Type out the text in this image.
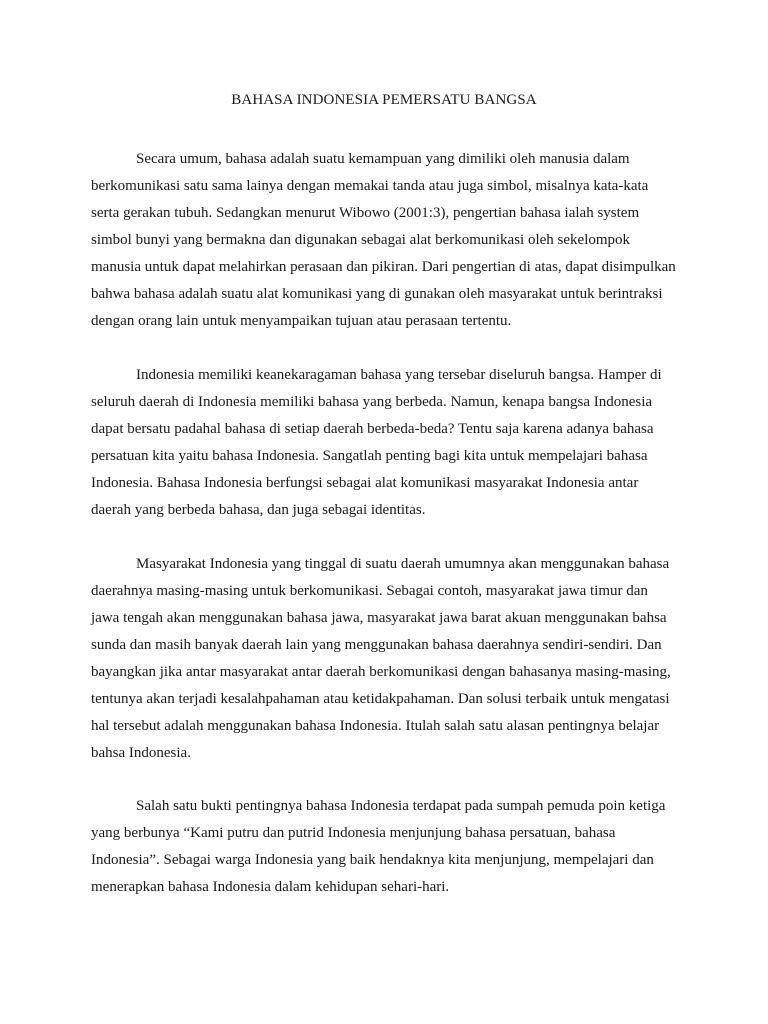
BAHASA INDONESIA PEMERSATU BANGSA
Secara umum, bahasa adalah suatu kemampuan yang dimiliki oleh manusia dalam
berkomunikasi satu sama lainya dengan memakai tanda atau juga simbol, misalnya kata-kata
serta gerakan tubuh. Sedangkan menurut Wibowo (2001:3), pengertian bahasa ialah system
simbol bunyi yang bermakna dan digunakan sebagai alat berkomunikasi oleh sekelompok
manusia untuk dapat melahirkan perasaan dan pikiran. Dari pengertian di atas, dapat disimpulkan
bahwa bahasa adalah suatu alat komunikasi yang di gunakan oleh masyarakat untuk berintraksi
dengan orang lain untuk menyampaikan tujuan atau perasaan tertentu.
Indonesia memiliki keanekaragaman bahasa yang tersebar diseluruh bangsa. Hamper di
seluruh daerah di Indonesia memiliki bahasa yang berbeda. Namun, kenapa bangsa Indonesia
dapat bersatu padahal bahasa di setiap daerah berbeda-beda? Tentu saja karena adanya bahasa
persatuan kita yaitu bahasa Indonesia. Sangatlah penting bagi kita untuk mempelajari bahasa
Indonesia. Bahasa Indonesia berfungsi sebagai alat komunikasi masyarakat Indonesia antar
daerah yang berbeda bahasa, dan juga sebagai identitas.
Masyarakat Indonesia yang tinggal di suatu daerah umumnya akan menggunakan bahasa
daerahnya masing-masing untuk berkomunikasi. Sebagai contoh, masyarakat jawa timur dan
jawa tengah akan menggunakan bahasa jawa, masyarakat jawa barat akuan menggunakan bahsa
sunda dan masih banyak daerah lain yang menggunakan bahasa daerahnya sendiri-sendiri. Dan
bayangkan jika antar masyarakat antar daerah berkomunikasi dengan bahasanya masing-masing,
tentunya akan terjadi kesalahpahaman atau ketidakpahaman. Dan solusi terbaik untuk mengatasi
hal tersebut adalah menggunakan bahasa Indonesia. Itulah salah satu alasan pentingnya belajar
bahsa Indonesia.
Salah satu bukti pentingnya bahasa Indonesia terdapat pada sumpah pemuda poin ketiga
yang berbunya “Kami putru dan putrid Indonesia menjunjung bahasa persatuan, bahasa
Indonesia”. Sebagai warga Indonesia yang baik hendaknya kita menjunjung, mempelajari dan
menerapkan bahasa Indonesia dalam kehidupan sehari-hari.
